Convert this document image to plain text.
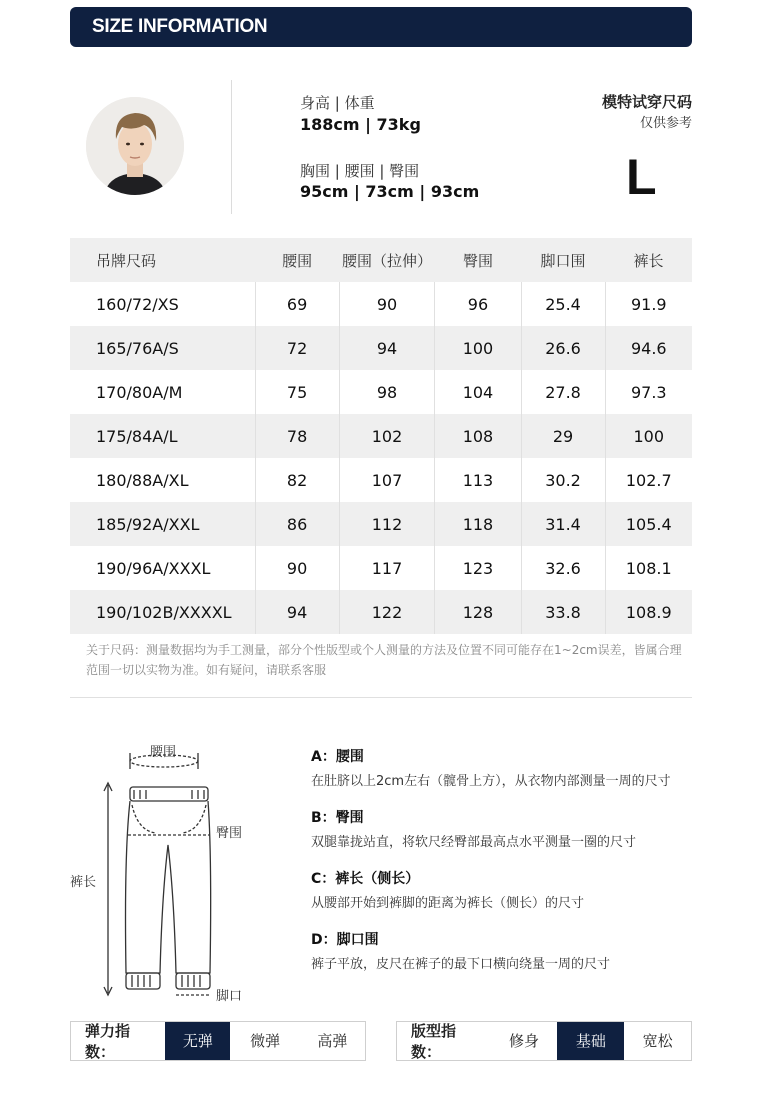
SIZE INFORMATION
身高 | 体重
188cm | 73kg
胸围 | 腰围 | 臀围
95cm | 73cm | 93cm
模特试穿尺码
仅供参考
L
吊牌尺码	腰围	腰围（拉伸）	臀围	脚口围	裤长
160/72/XS	69	90	96	25.4	91.9
165/76A/S	72	94	100	26.6	94.6
170/80A/M	75	98	104	27.8	97.3
175/84A/L	78	102	108	29	100
180/88A/XL	82	107	113	30.2	102.7
185/92A/XXL	86	112	118	31.4	105.4
190/96A/XXXL	90	117	123	32.6	108.1
190/102B/XXXXL	94	122	128	33.8	108.9
关于尺码：测量数据均为手工测量，部分个性版型或个人测量的方法及位置不同可能存在1~2cm误差，皆属合理
范围一切以实物为准。如有疑问，请联系客服
腰围
臀围
裤长
脚口
A：腰围
在肚脐以上2cm左右（髋骨上方），从衣物内部测量一周的尺寸
B：臀围
双腿靠拢站直，将软尺经臀部最高点水平测量一圈的尺寸
C：裤长（侧长）
从腰部开始到裤脚的距离为裤长（侧长）的尺寸
D：脚口围
裤子平放，皮尺在裤子的最下口横向绕量一周的尺寸
弹力指数：
无弹	微弹	高弹
版型指数：
修身	基础	宽松
